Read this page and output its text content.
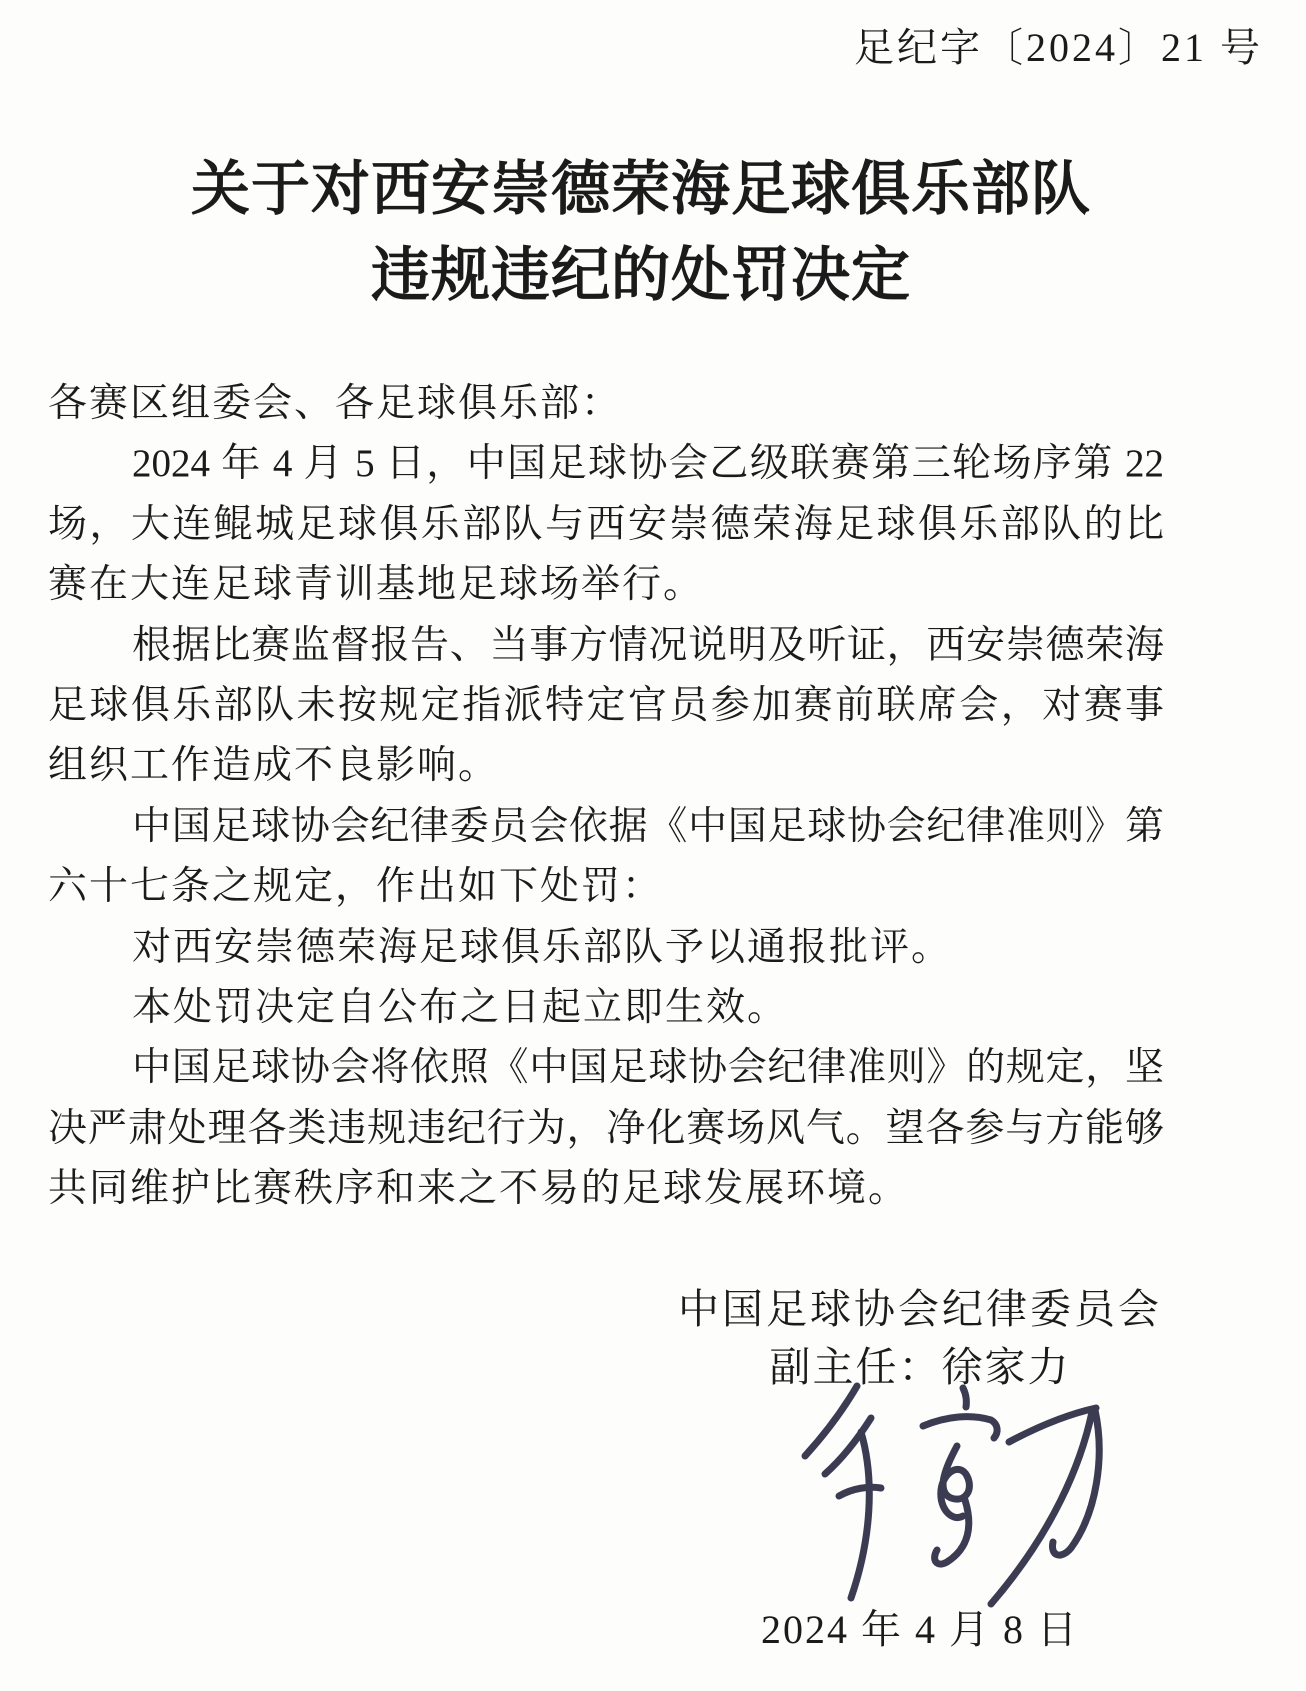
足纪字〔2024〕21 号
关于对西安崇德荣海足球俱乐部队
违规违纪的处罚决定
各赛区组委会、各足球俱乐部：
2024 年 4 月 5 日，中国足球协会乙级联赛第三轮场序第 22
场，大连鲲城足球俱乐部队与西安崇德荣海足球俱乐部队的比
赛在大连足球青训基地足球场举行。
根据比赛监督报告、当事方情况说明及听证，西安崇德荣海
足球俱乐部队未按规定指派特定官员参加赛前联席会，对赛事
组织工作造成不良影响。
中国足球协会纪律委员会依据《中国足球协会纪律准则》第
六十七条之规定，作出如下处罚：
对西安崇德荣海足球俱乐部队予以通报批评。
本处罚决定自公布之日起立即生效。
中国足球协会将依照《中国足球协会纪律准则》的规定，坚
决严肃处理各类违规违纪行为，净化赛场风气。望各参与方能够
共同维护比赛秩序和来之不易的足球发展环境。
中国足球协会纪律委员会
副主任：徐家力
2024 年 4 月 8 日
